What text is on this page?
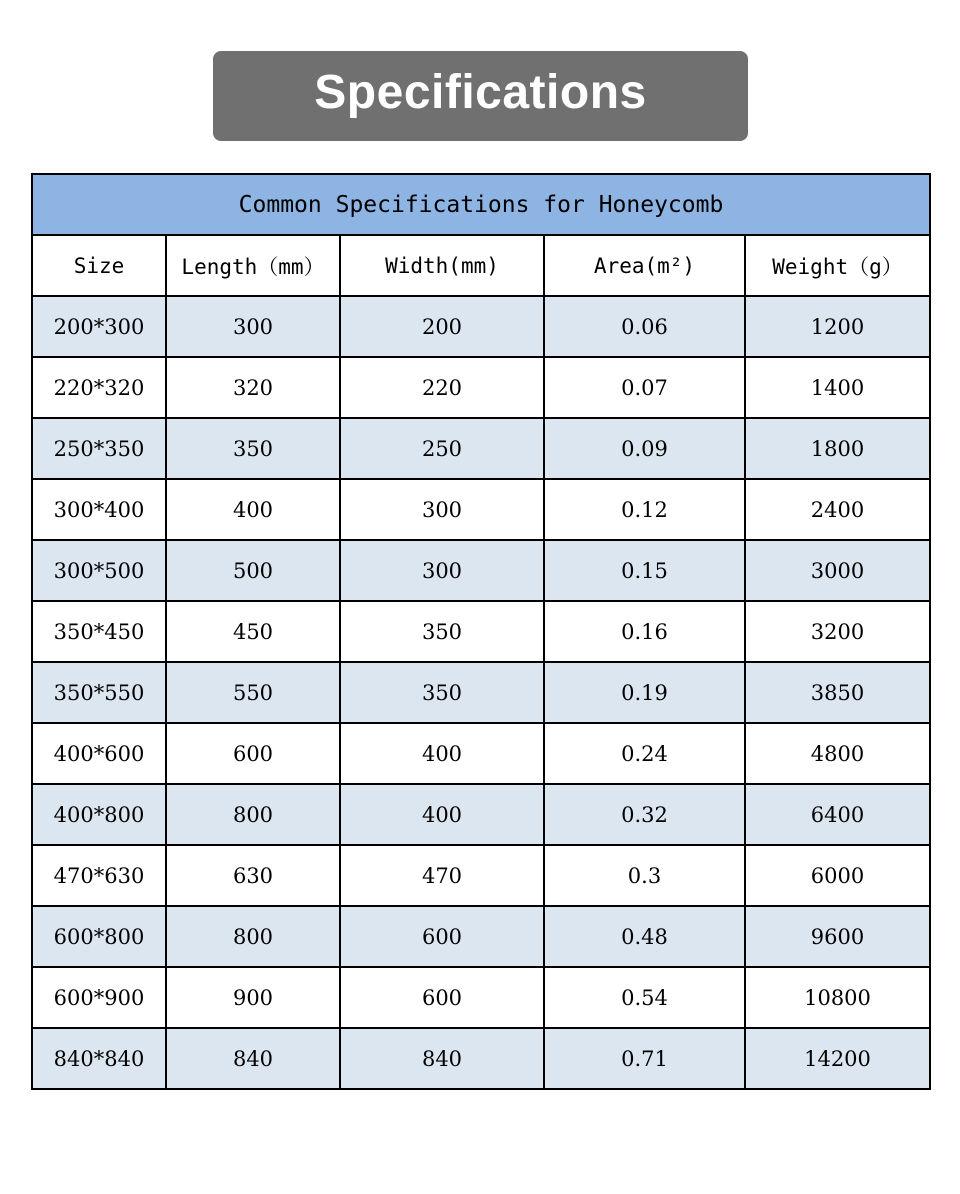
Specifications
Common Specifications for Honeycomb				
Size	Length（mm）	Width(mm)	Area(m²)	Weight（g）
200*300	300	200	0.06	1200
220*320	320	220	0.07	1400
250*350	350	250	0.09	1800
300*400	400	300	0.12	2400
300*500	500	300	0.15	3000
350*450	450	350	0.16	3200
350*550	550	350	0.19	3850
400*600	600	400	0.24	4800
400*800	800	400	0.32	6400
470*630	630	470	0.3	6000
600*800	800	600	0.48	9600
600*900	900	600	0.54	10800
840*840	840	840	0.71	14200
